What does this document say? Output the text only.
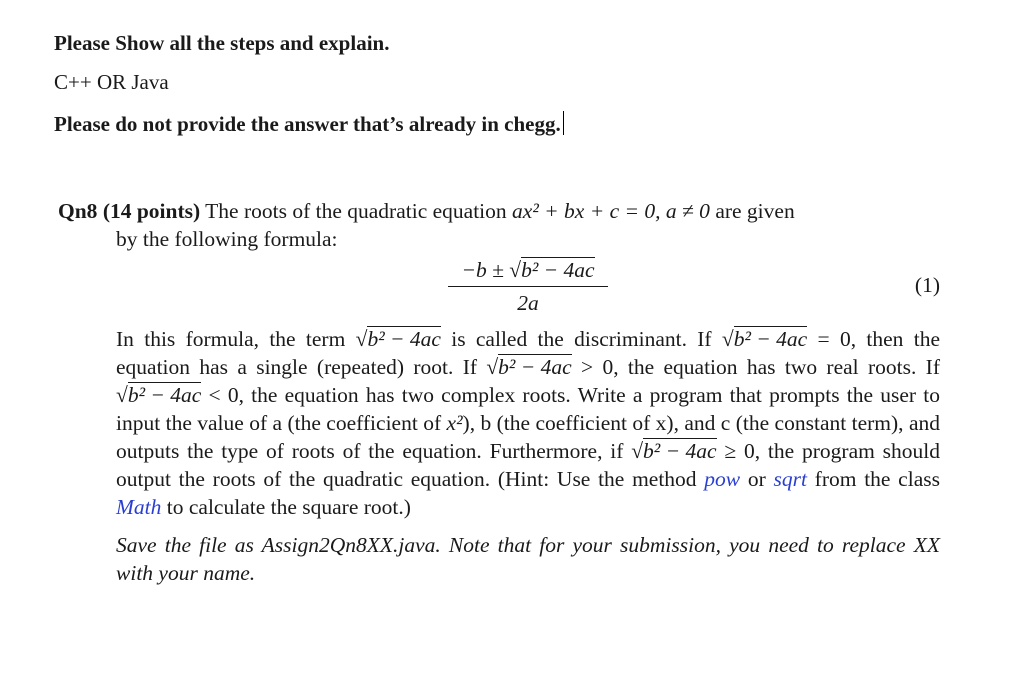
Please Show all the steps and explain.
C++ OR Java
Please do not provide the answer that’s already in chegg.
Qn8 (14 points) The roots of the quadratic equation ax² + bx + c = 0, a ≠ 0 are given
by the following formula:
−b ± √b² − 4ac
2a
(1)
In this formula, the term √b² − 4ac is called the discriminant. If √b² − 4ac = 0, then the equation has a single (repeated) root. If √b² − 4ac > 0, the equation has two real roots. If √b² − 4ac < 0, the equation has two complex roots. Write a program that prompts the user to input the value of a (the coefficient of x²), b (the coefficient of x), and c (the constant term), and outputs the type of roots of the equation. Furthermore, if √b² − 4ac ≥ 0, the program should output the roots of the quadratic equation. (Hint: Use the method pow or sqrt from the class Math to calculate the square root.)
Save the file as Assign2Qn8XX.java. Note that for your submission, you need to replace XX with your name.
